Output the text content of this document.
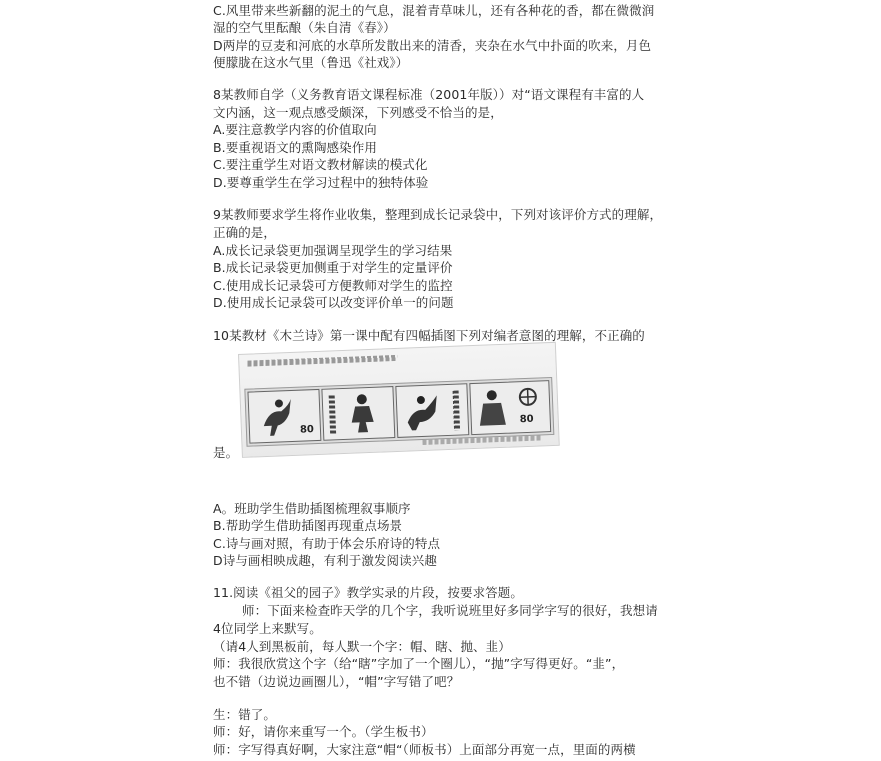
C.风里带来些新翻的泥土的气息，混着青草味儿，还有各种花的香，都在微微润
湿的空气里酝酿（朱自清《春》）
D两岸的豆麦和河底的水草所发散出来的清香，夹杂在水气中扑面的吹来，月色
便朦胧在这水气里（鲁迅《社戏》）
8某教师自学（义务教育语文课程标准（2001年版））对“语文课程有丰富的人
文内涵，这一观点感受颇深，下列感受不恰当的是，
A.要注意教学内容的价值取向
B.要重视语文的熏陶感染作用
C.要注重学生对语文教材解读的模式化
D.要尊重学生在学习过程中的独特体验
9某教师要求学生将作业收集，整理到成长记录袋中，下列对该评价方式的理解，
正确的是，
A.成长记录袋更加强调呈现学生的学习结果
B.成长记录袋更加侧重于对学生的定量评价
C.使用成长记录袋可方便教师对学生的监控
D.使用成长记录袋可以改变评价单一的问题
10某教材《木兰诗》第一课中配有四幅插图下列对编者意图的理解，不正确的
是。
A。班助学生借助插图梳理叙事顺序
B.帮助学生借助插图再现重点场景
C.诗与画对照，有助于体会乐府诗的特点
D诗与画相映成趣，有利于激发阅读兴趣
11.阅读《祖父的园子》教学实录的片段，按要求答题。
师：下面来检查昨天学的几个字，我听说班里好多同学字写的很好，我想请
4位同学上来默写。
（请4人到黑板前，每人默一个字：帽、瞎、抛、韭）
师：我很欣赏这个字（给“瞎”字加了一个圈儿），“抛”字写得更好。“韭”，
也不错（边说边画圈儿），“帽”字写错了吧？
生：错了。
师：好，请你来重写一个。（学生板书）
师：字写得真好啊，大家注意“帽“（师板书）上面部分再宽一点，里面的两横
80
80
